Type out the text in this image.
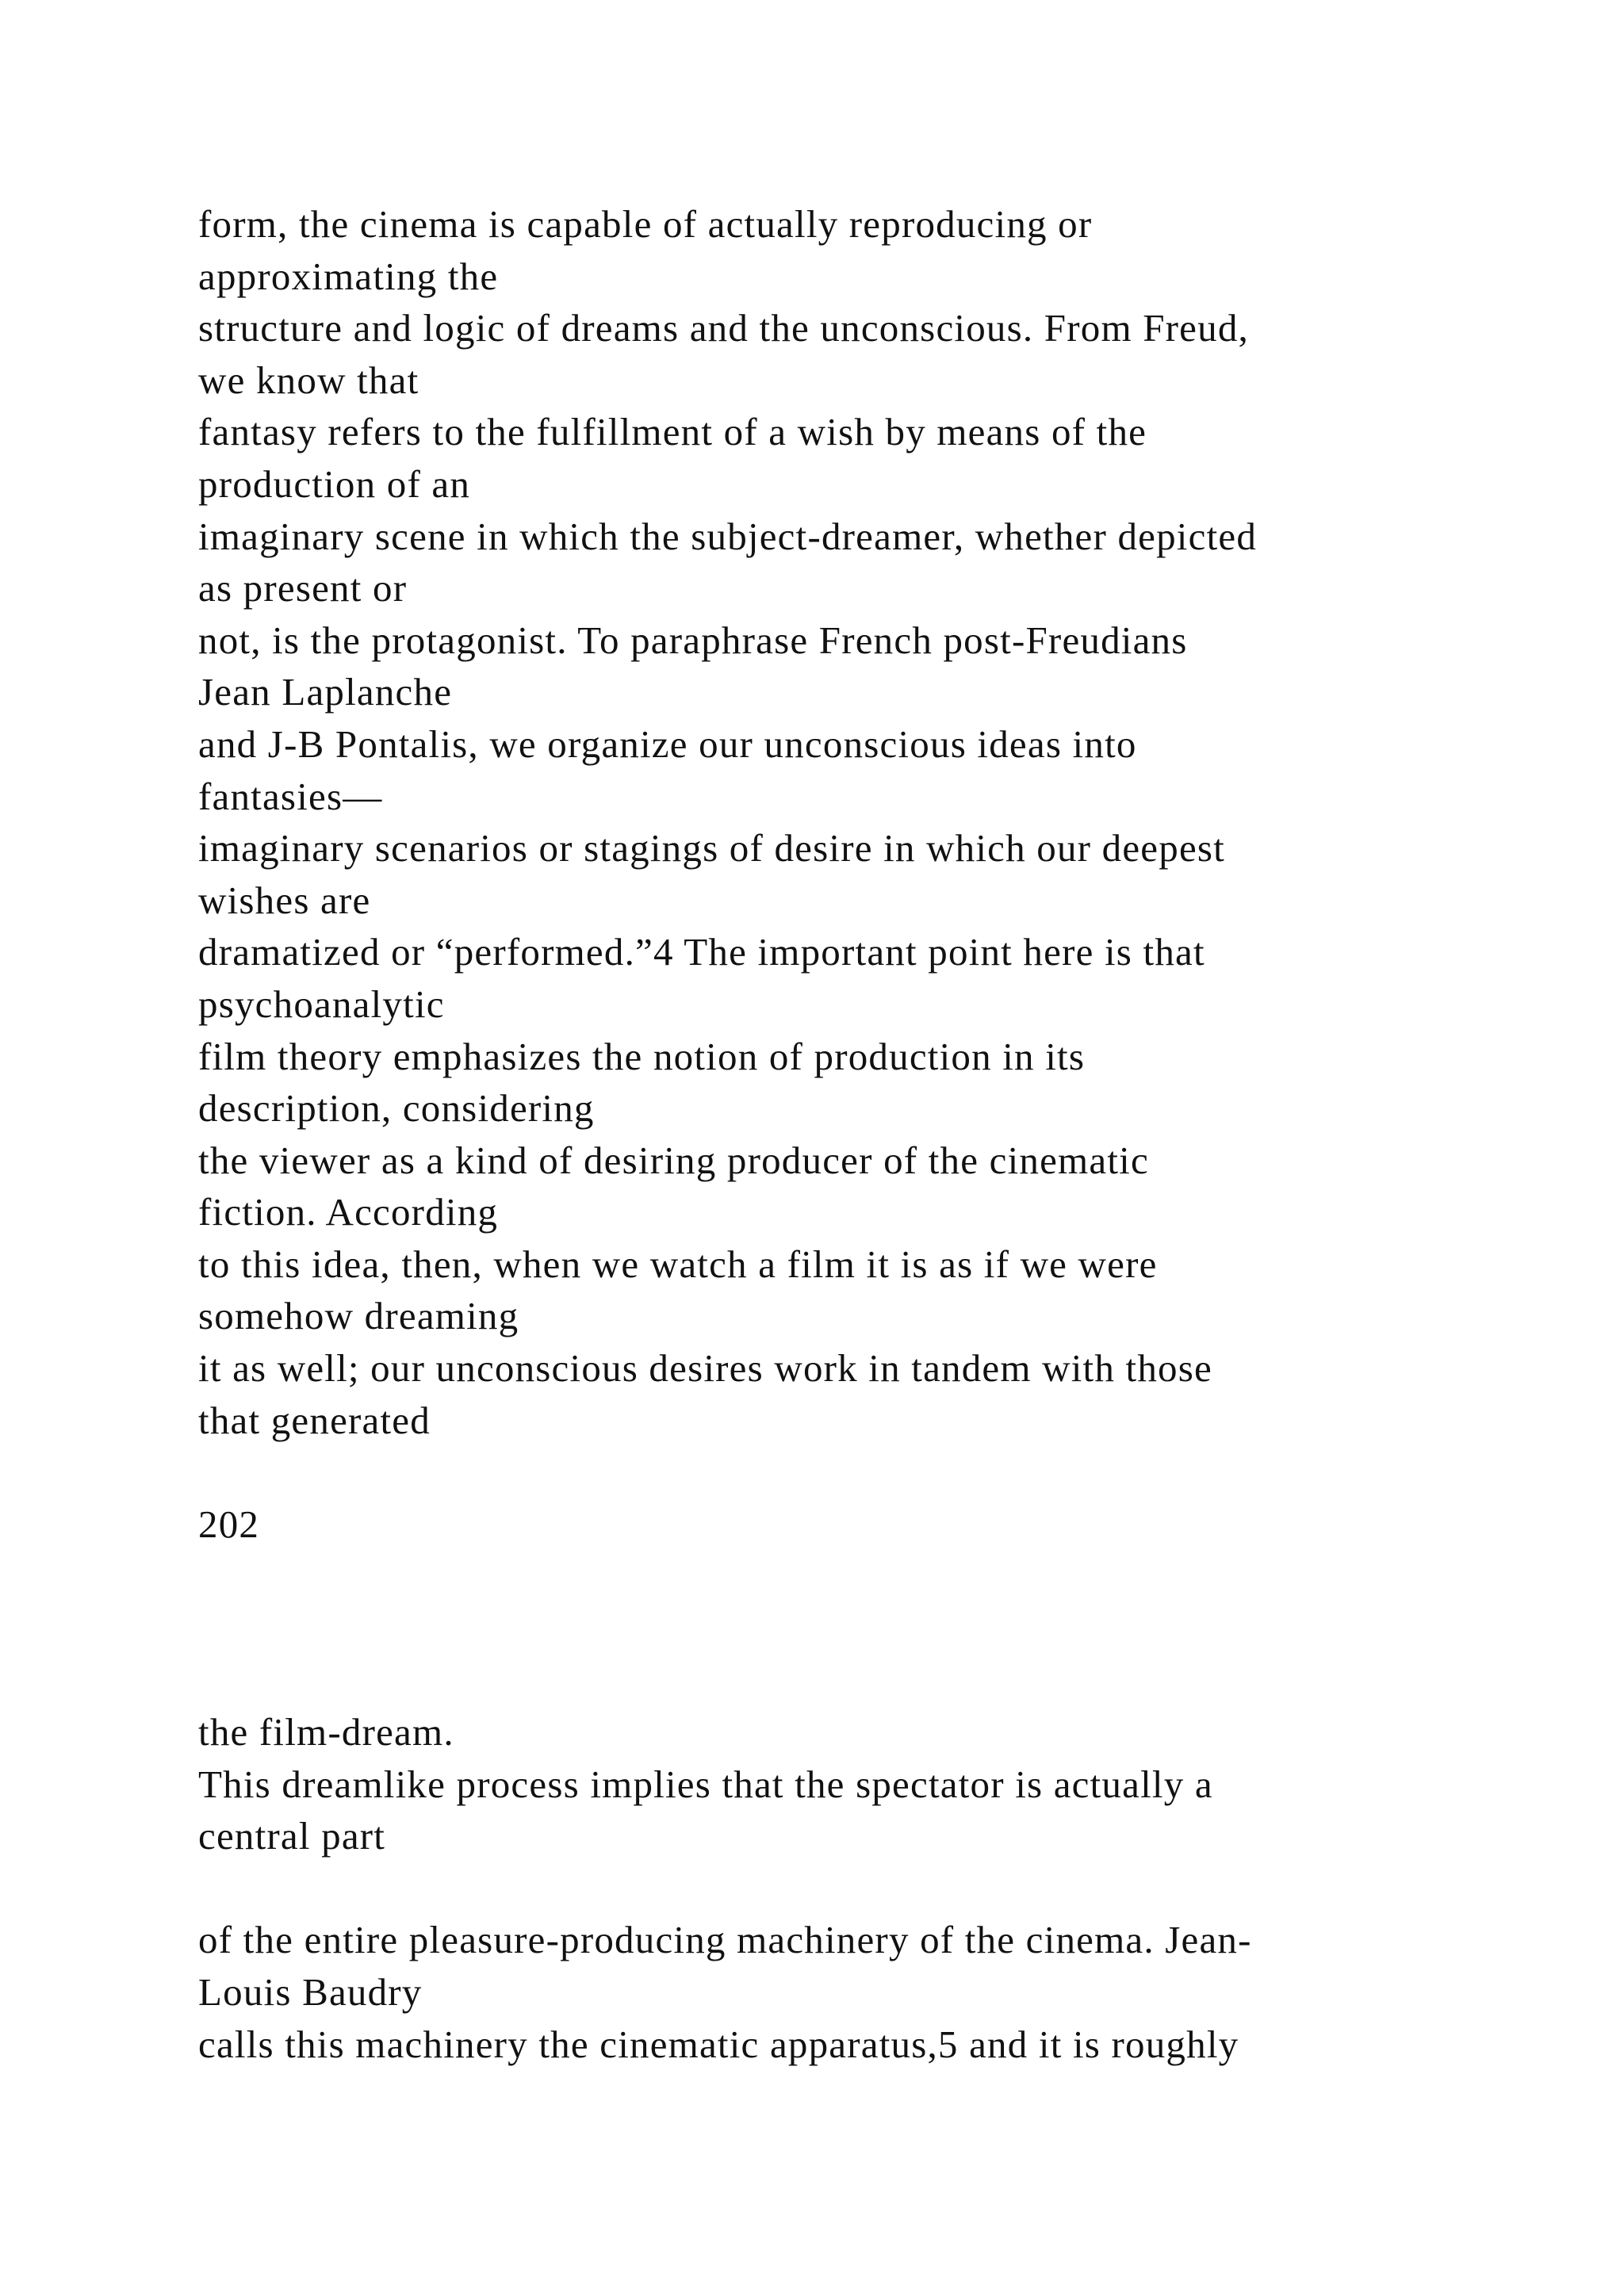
form, the cinema is capable of actually reproducing or
approximating the
structure and logic of dreams and the unconscious. From Freud,
we know that
fantasy refers to the fulfillment of a wish by means of the
production of an
imaginary scene in which the subject-dreamer, whether depicted
as present or
not, is the protagonist. To paraphrase French post-Freudians
Jean Laplanche
and J-B Pontalis, we organize our unconscious ideas into
fantasies—
imaginary scenarios or stagings of desire in which our deepest
wishes are
dramatized or “performed.”4 The important point here is that
psychoanalytic
film theory emphasizes the notion of production in its
description, considering
the viewer as a kind of desiring producer of the cinematic
fiction. According
to this idea, then, when we watch a film it is as if we were
somehow dreaming
it as well; our unconscious desires work in tandem with those
that generated
202
the film-dream.
This dreamlike process implies that the spectator is actually a
central part
of the entire pleasure-producing machinery of the cinema. Jean-
Louis Baudry
calls this machinery the cinematic apparatus,5 and it is roughly
